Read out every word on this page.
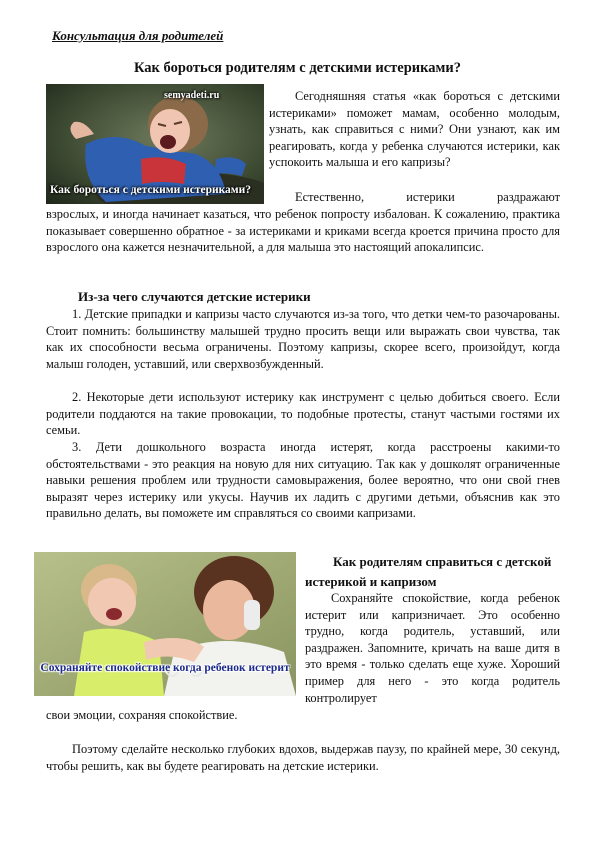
Консультация для родителей
Как бороться родителям с детскими истериками?
semyadeti.ru
Как бороться с детскими истериками?
Сегодняшняя статья «как бороться с детскими истериками» поможет мамам, особенно молодым, узнать, как справиться с ними? Они узнают, как им реагировать, когда у ребенка случаются истерики, как успокоить малыша и его капризы?
Естественно, истерики раздражают
взрослых, и иногда начинает казаться, что ребенок попросту избалован. К сожалению, практика показывает совершенно обратное - за истериками и криками всегда кроется причина просто для взрослого она кажется незначительной, а для малыша это настоящий апокалипсис.
Из-за чего случаются детские истерики
1. Детские припадки и капризы часто случаются из-за того, что детки чем-то разочарованы. Стоит помнить: большинству малышей трудно просить вещи или выражать свои чувства, так как их способности весьма ограничены. Поэтому капризы, скорее всего, произойдут, когда малыш голоден, уставший, или сверхвозбужденный.
2. Некоторые дети используют истерику как инструмент с целью добиться своего. Если родители поддаются на такие провокации, то подобные протесты, станут частыми гостями их семьи.
3. Дети дошкольного возраста иногда истерят, когда расстроены какими-то обстоятельствами - это реакция на новую для них ситуацию. Так как у дошколят ограниченные навыки решения проблем или трудности самовыражения, более вероятно, что они свой гнев выразят через истерику или укусы. Научив их ладить с другими детьми, объяснив как это правильно делать, вы поможете им справляться со своими капризами.
Сохраняйте спокойствие когда ребенок истерит
Как родителям справиться с детской истерикой и капризом
Сохраняйте спокойствие, когда ребенок истерит или капризничает. Это особенно трудно, когда родитель, уставший, или раздражен. Запомните, кричать на ваше дитя в это время - только сделать еще хуже. Хороший пример для него - это когда родитель контролирует
свои эмоции, сохраняя спокойствие.
Поэтому сделайте несколько глубоких вдохов, выдержав паузу, по крайней мере, 30 секунд, чтобы решить, как вы будете реагировать на детские истерики.
